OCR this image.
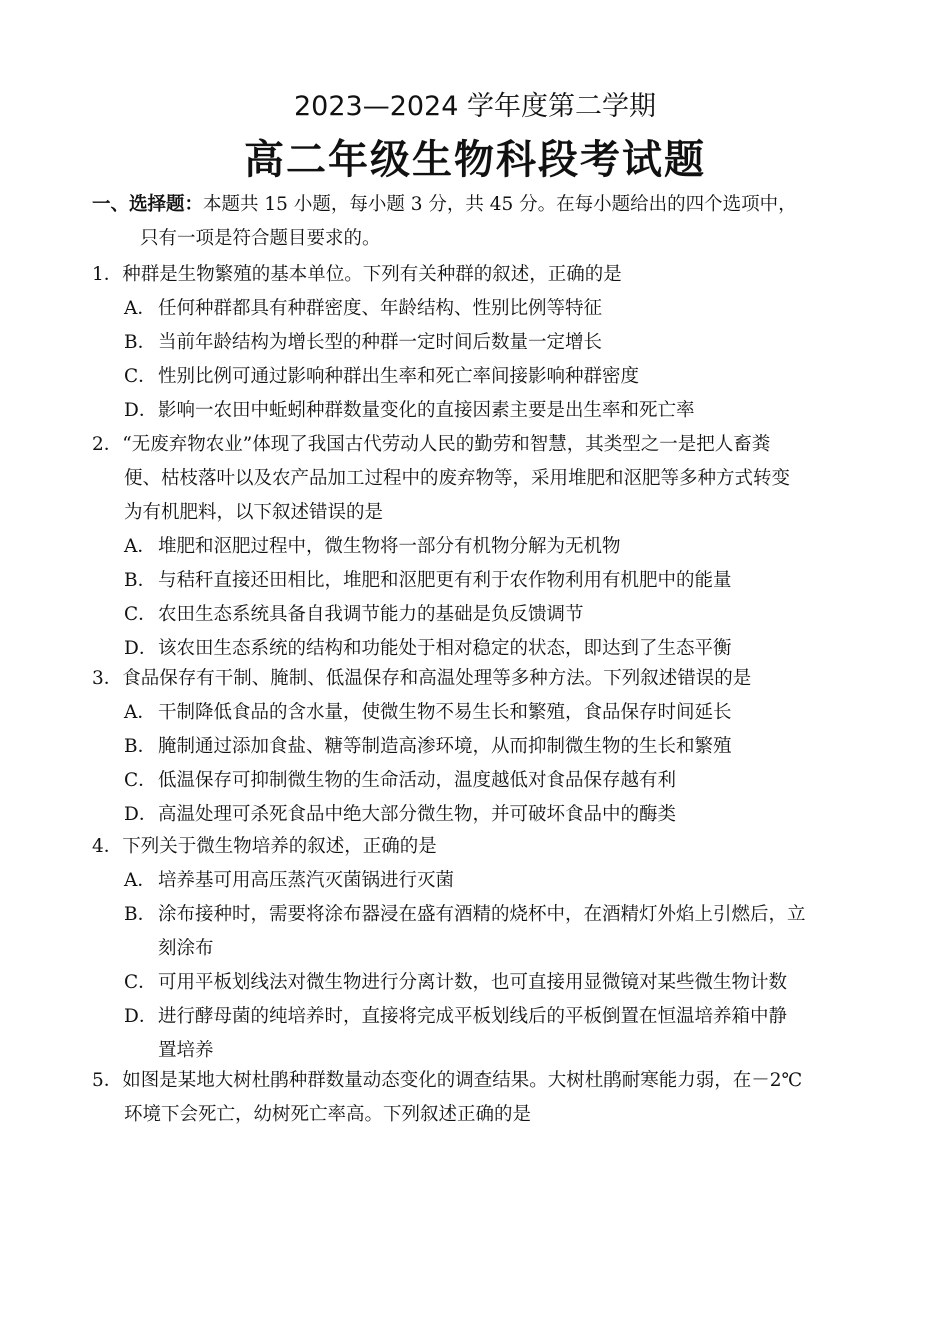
2023—2024 学年度第二学期
高二年级生物科段考试题
一、选择题：本题共 15 小题，每小题 3 分，共 45 分。在每小题给出的四个选项中，
只有一项是符合题目要求的。
1．种群是生物繁殖的基本单位。下列有关种群的叙述，正确的是
A． 任何种群都具有种群密度、年龄结构、性别比例等特征
B． 当前年龄结构为增长型的种群一定时间后数量一定增长
C．性别比例可通过影响种群出生率和死亡率间接影响种群密度
D．影响一农田中蚯蚓种群数量变化的直接因素主要是出生率和死亡率
2．“无废弃物农业”体现了我国古代劳动人民的勤劳和智慧，其类型之一是把人畜粪
便、枯枝落叶以及农产品加工过程中的废弃物等，采用堆肥和沤肥等多种方式转变
为有机肥料，以下叙述错误的是
A． 堆肥和沤肥过程中，微生物将一部分有机物分解为无机物
B． 与秸秆直接还田相比，堆肥和沤肥更有利于农作物利用有机肥中的能量
C．农田生态系统具备自我调节能力的基础是负反馈调节
D．该农田生态系统的结构和功能处于相对稳定的状态，即达到了生态平衡
3．食品保存有干制、腌制、低温保存和高温处理等多种方法。下列叙述错误的是
A． 干制降低食品的含水量，使微生物不易生长和繁殖，食品保存时间延长
B． 腌制通过添加食盐、糖等制造高渗环境，从而抑制微生物的生长和繁殖
C．低温保存可抑制微生物的生命活动，温度越低对食品保存越有利
D．高温处理可杀死食品中绝大部分微生物，并可破坏食品中的酶类
4．下列关于微生物培养的叙述，正确的是
A． 培养基可用高压蒸汽灭菌锅进行灭菌
B． 涂布接种时，需要将涂布器浸在盛有酒精的烧杯中，在酒精灯外焰上引燃后，立
刻涂布
C．可用平板划线法对微生物进行分离计数，也可直接用显微镜对某些微生物计数
D．进行酵母菌的纯培养时，直接将完成平板划线后的平板倒置在恒温培养箱中静
置培养
5．如图是某地大树杜鹃种群数量动态变化的调查结果。大树杜鹃耐寒能力弱，在－2℃
环境下会死亡，幼树死亡率高。下列叙述正确的是
